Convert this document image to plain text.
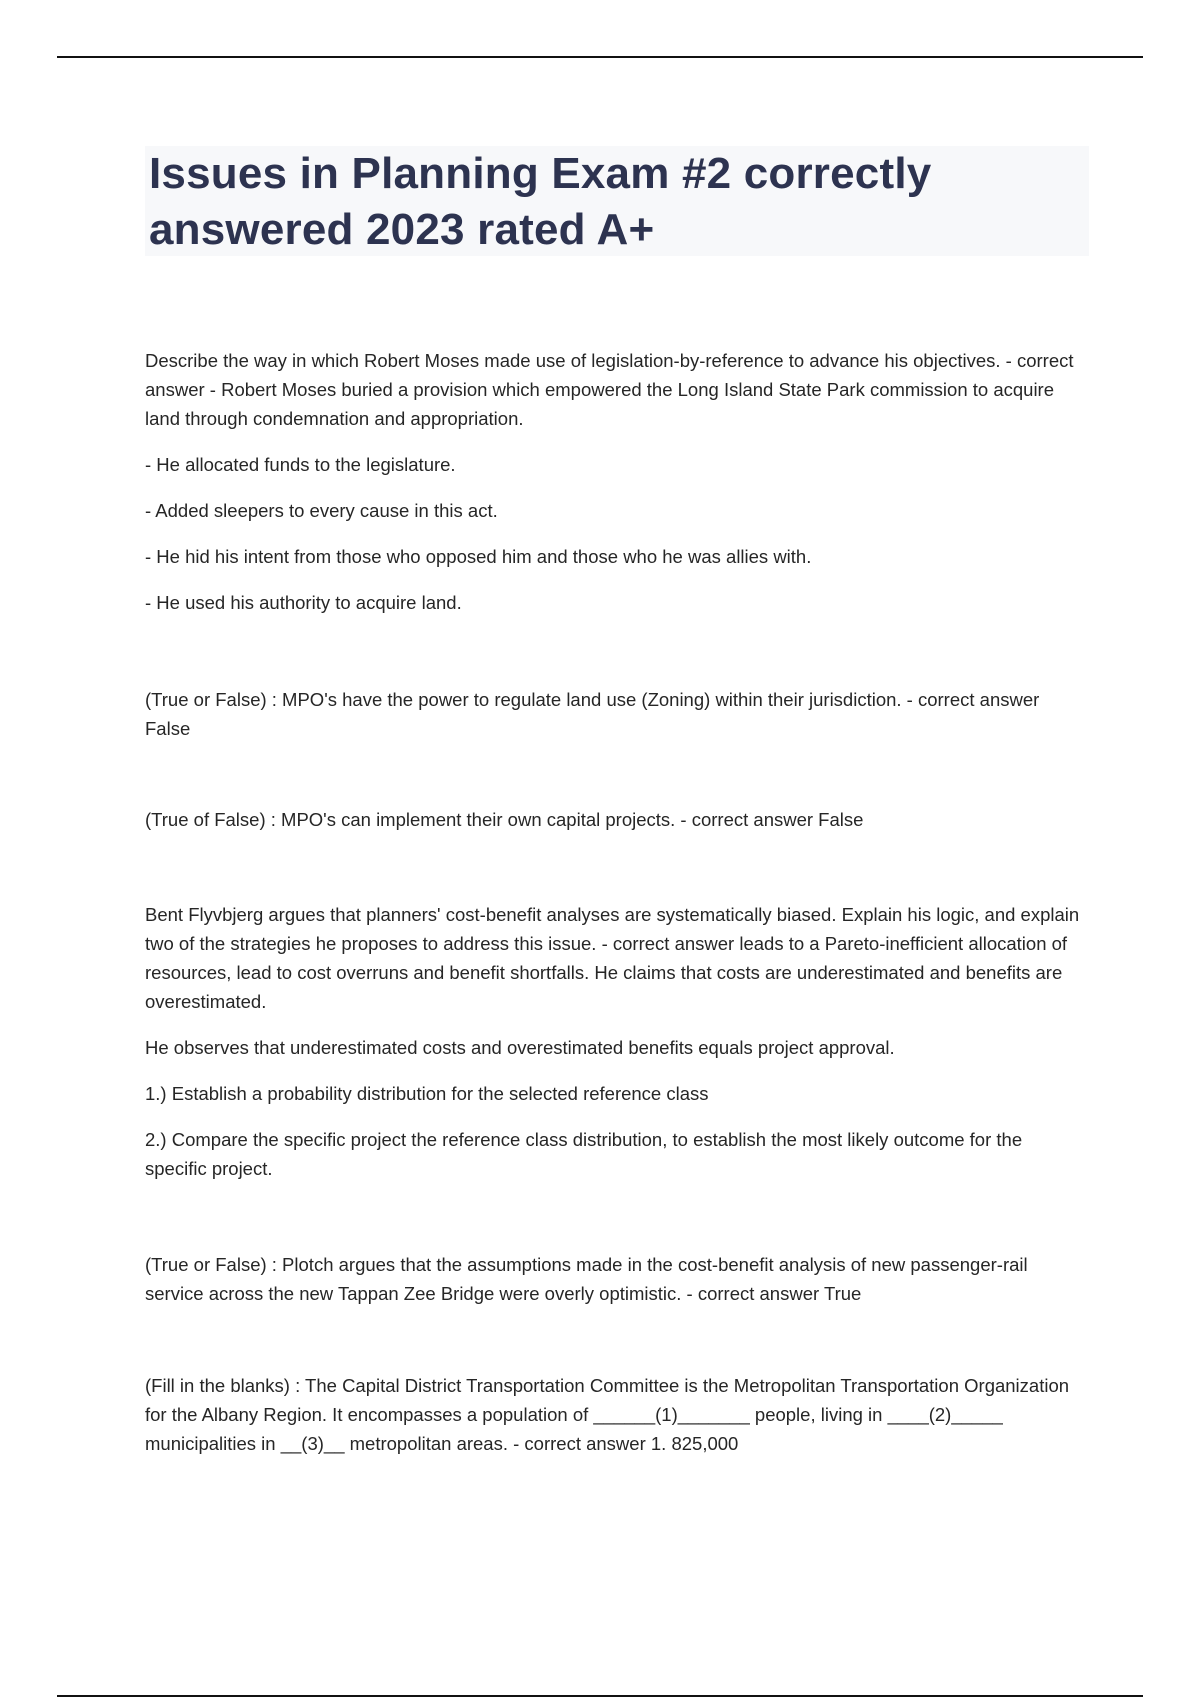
Issues in Planning Exam #2 correctly answered 2023 rated A+

Describe the way in which Robert Moses made use of legislation-by-reference to advance his objectives. - correct answer - Robert Moses buried a provision which empowered the Long Island State Park commission to acquire land through condemnation and appropriation.

- He allocated funds to the legislature.

- Added sleepers to every cause in this act.

- He hid his intent from those who opposed him and those who he was allies with.

- He used his authority to acquire land.

(True or False) : MPO's have the power to regulate land use (Zoning) within their jurisdiction. - correct answer False

(True of False) : MPO's can implement their own capital projects. - correct answer False

Bent Flyvbjerg argues that planners' cost-benefit analyses are systematically biased. Explain his logic, and explain two of the strategies he proposes to address this issue. - correct answer leads to a Pareto-inefficient allocation of resources, lead to cost overruns and benefit shortfalls. He claims that costs are underestimated and benefits are overestimated.

He observes that underestimated costs and overestimated benefits equals project approval.

1.) Establish a probability distribution for the selected reference class

2.) Compare the specific project the reference class distribution, to establish the most likely outcome for the specific project.

(True or False) : Plotch argues that the assumptions made in the cost-benefit analysis of new passenger-rail service across the new Tappan Zee Bridge were overly optimistic. - correct answer True

(Fill in the blanks) : The Capital District Transportation Committee is the Metropolitan Transportation Organization for the Albany Region. It encompasses a population of ______(1)_______ people, living in ____(2)_____ municipalities in __(3)__ metropolitan areas. - correct answer 1. 825,000
